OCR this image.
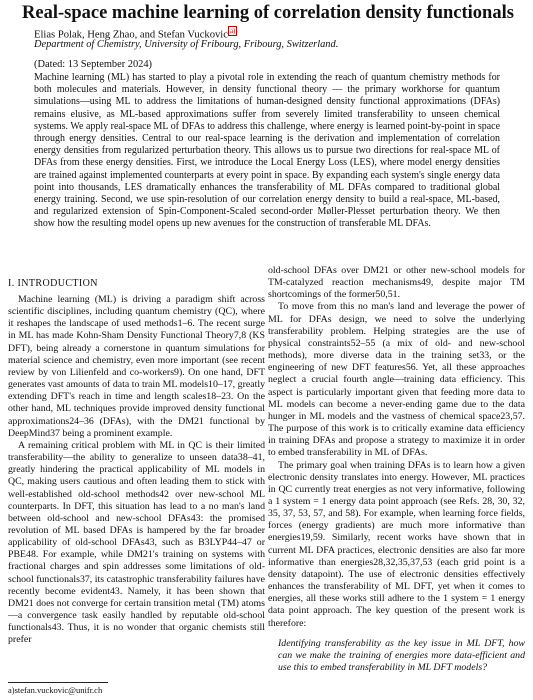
Real-space machine learning of correlation density functionals
Elias Polak, Heng Zhao, and Stefan Vuckovic $^{a)}$
Department of Chemistry, University of Fribourg, Fribourg, Switzerland.
(Dated: 13 September 2024)

Machine learning (ML) has started to play a pivotal role in extending the reach of quantum chemistry methods for both molecules and materials. However, in density functional theory — the primary workhorse for quantum simulations—using ML to address the limitations of human-designed density functional approximations (DFAs) remains elusive, as ML-based approximations suffer from severely limited transferability to unseen chemical systems. We apply real-space ML of DFAs to address this challenge, where energy is learned point-by-point in space through energy densities. Central to our real-space learning is the derivation and implementation of correlation energy densities from regularized perturbation theory. This allows us to pursue two directions for real-space ML of DFAs from these energy densities. First, we introduce the Local Energy Loss (LES), where model energy densities are trained against implemented counterparts at every point in space. By expanding each system's single energy data point into thousands, LES dramatically enhances the transferability of ML DFAs compared to traditional global energy training. Second, we use spin-resolution of our correlation energy density to build a real-space, ML-based, and regularized extension of Spin-Component-Scaled second-order Møller-Plesset perturbation theory. We then show how the resulting model opens up new avenues for the construction of transferable ML DFAs.

I. INTRODUCTION

Machine learning (ML) is driving a paradigm shift across scientific disciplines, including quantum chemistry (QC), where it reshapes the landscape of used methods1–6. The recent surge in ML has made Kohn-Sham Density Functional Theory7,8 (KS DFT), being already a cornerstone in quantum simulations for material science and chemistry, even more important (see recent review by von Lilienfeld and co-workers9). On one hand, DFT generates vast amounts of data to train ML models10–17, greatly extending DFT's reach in time and length scales18–23. On the other hand, ML techniques provide improved density functional approximations24–36 (DFAs), with the DM21 functional by DeepMind37 being a prominent example.

A remaining critical problem with ML in QC is their limited transferability—the ability to generalize to unseen data38–41, greatly hindering the practical applicability of ML models in QC, making users cautious and often leading them to stick with well-established old-school methods42 over new-school ML counterparts. In DFT, this situation has lead to a no man's land between old-school and new-school DFAs43: the promised revolution of ML based DFAs is hampered by the far broader applicability of old-school DFAs43, such as B3LYP44–47 or PBE48. For example, while DM21's training on systems with fractional charges and spin addresses some limitations of old-school functionals37, its catastrophic transferability failures have recently become evident43. Namely, it has been shown that DM21 does not converge for certain transition metal (TM) atoms—a convergence task easily handled by reputable old-school functionals43. Thus, it is no wonder that organic chemists still prefer

old-school DFAs over DM21 or other new-school models for TM-catalyzed reaction mechanisms49, despite major TM shortcomings of the former50,51.

To move from this no man's land and leverage the power of ML for DFAs design, we need to solve the underlying transferability problem. Helping strategies are the use of physical constraints52–55 (a mix of old- and new-school methods), more diverse data in the training set33, or the engineering of new DFT features56. Yet, all these approaches neglect a crucial fourth angle—training data efficiency. This aspect is particularly important given that feeding more data to ML models can become a never-ending game due to the data hunger in ML models and the vastness of chemical space23,57. The purpose of this work is to critically examine data efficiency in training DFAs and propose a strategy to maximize it in order to embed transferability in ML of DFAs.

The primary goal when training DFAs is to learn how a given electronic density translates into energy. However, ML practices in QC currently treat energies as not very informative, following a 1 system = 1 energy data point approach (see Refs. 28, 30, 32, 35, 37, 53, 57, and 58). For example, when learning force fields, forces (energy gradients) are much more informative than energies19,59. Similarly, recent works have shown that in current ML DFA practices, electronic densities are also far more informative than energies28,32,35,37,53 (each grid point is a density datapoint). The use of electronic densities effectively enhances the transferability of ML DFT, yet when it comes to energies, all these works still adhere to the 1 system = 1 energy data point approach. The key question of the present work is therefore:

Identifying transferability as the key issue in ML DFT, how can we make the training of energies more data-efficient and use this to embed transferability in ML DFT models?

a)stefan.vuckovic@unifr.ch
